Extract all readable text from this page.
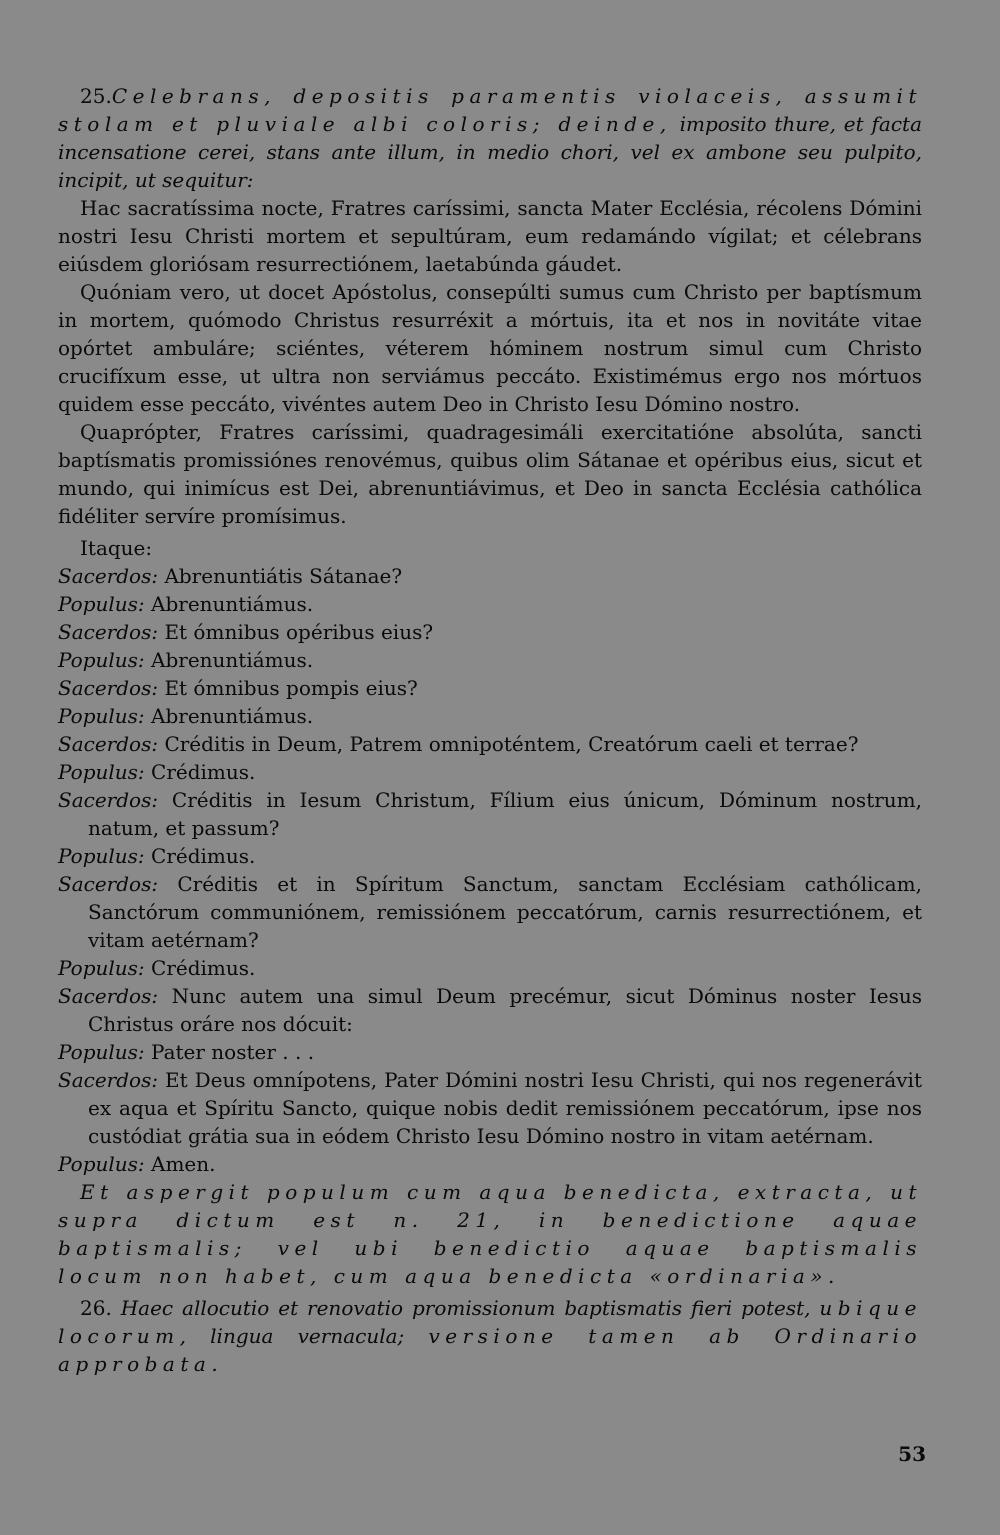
25.Celebrans, depositis paramentis violaceis, assumit stolam et pluviale albi coloris; deinde, imposito thure, et facta incensatione cerei, stans ante illum, in medio chori, vel ex ambone seu pulpito, incipit, ut sequitur:

Hac sacratíssima nocte, Fratres caríssimi, sancta Mater Ecclésia, récolens Dómini nostri Iesu Christi mortem et sepultúram, eum redamándo vígilat; et célebrans eiúsdem gloriósam resurrectiónem, laetabúnda gáudet.

Quóniam vero, ut docet Apóstolus, consepúlti sumus cum Christo per baptísmum in mortem, quómodo Christus resurréxit a mórtuis, ita et nos in novitáte vitae opórtet ambuláre; sciéntes, véterem hóminem nostrum simul cum Christo crucifíxum esse, ut ultra non serviámus peccáto. Existimémus ergo nos mórtuos quidem esse peccáto, vivéntes autem Deo in Christo Iesu Dómino nostro.

Quaprópter, Fratres caríssimi, quadragesimáli exercitatióne absolúta, sancti baptísmatis promissiónes renovémus, quibus olim Sátanae et opéribus eius, sicut et mundo, qui inimícus est Dei, abrenuntiávimus, et Deo in sancta Ecclésia cathólica fidéliter servíre promísimus.

Itaque:

Sacerdos: Abrenuntiátis Sátanae?

Populus: Abrenuntiámus.

Sacerdos: Et ómnibus opéribus eius?

Populus: Abrenuntiámus.

Sacerdos: Et ómnibus pompis eius?

Populus: Abrenuntiámus.

Sacerdos: Créditis in Deum, Patrem omnipoténtem, Creatórum caeli et terrae?

Populus: Crédimus.

Sacerdos: Créditis in Iesum Christum, Fílium eius únicum, Dóminum nostrum, natum, et passum?

Populus: Crédimus.

Sacerdos: Créditis et in Spíritum Sanctum, sanctam Ecclésiam cathólicam, Sanctórum communiónem, remissiónem peccatórum, carnis resurrectiónem, et vitam aetérnam?

Populus: Crédimus.

Sacerdos: Nunc autem una simul Deum precémur, sicut Dóminus noster Iesus Christus oráre nos dócuit:

Populus: Pater noster . . .

Sacerdos: Et Deus omnípotens, Pater Dómini nostri Iesu Christi, qui nos regenerávit ex aqua et Spíritu Sancto, quique nobis dedit remissiónem peccatórum, ipse nos custódiat grátia sua in eódem Christo Iesu Dómino nostro in vitam aetérnam.

Populus: Amen.

Et aspergit populum cum aqua benedicta, extracta, ut supra dictum est n. 21, in benedictione aquae baptismalis; vel ubi benedictio aquae baptismalis locum non habet, cum aqua benedicta «ordinaria».

26. Haec allocutio et renovatio promissionum baptismatis fieri potest, ubique locorum, lingua vernacula; versione tamen ab Ordinario approbata.

53
